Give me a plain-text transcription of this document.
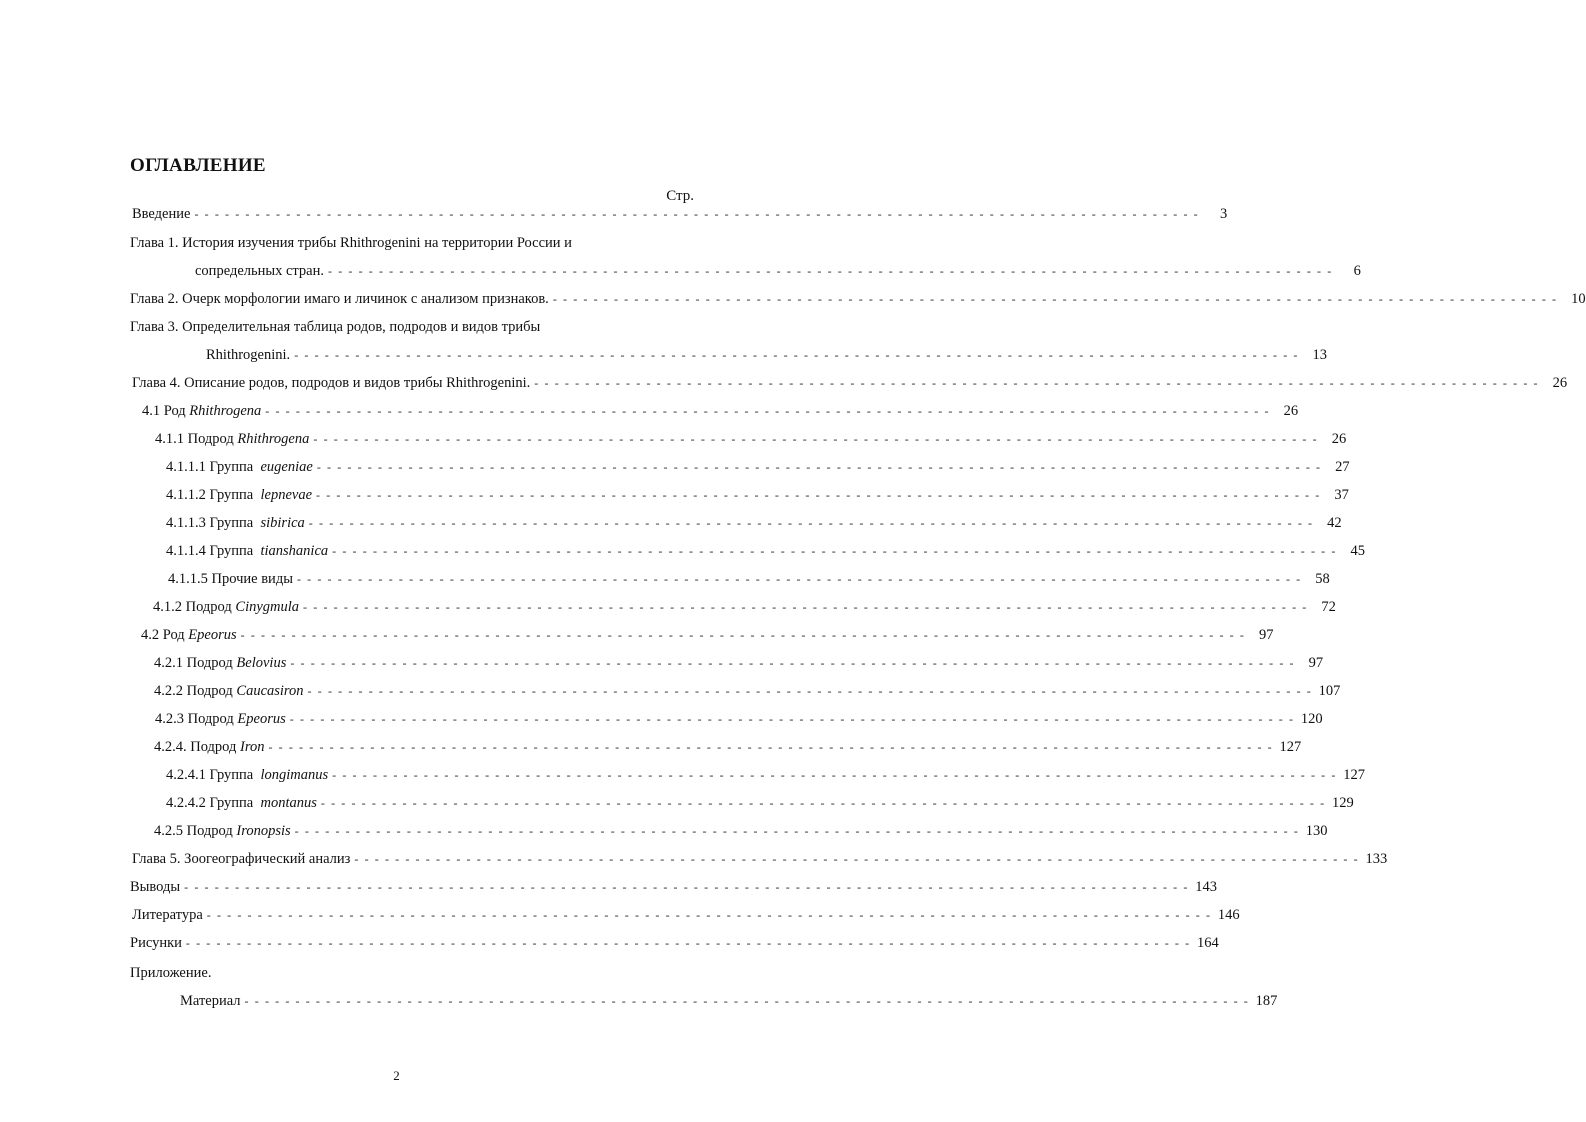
ОГЛАВЛЕНИЕ
Стр.
Введение - - - - - - - - - - - - - - - - - - - - - - - - - - - - - - - - - - - - - - - - - - - - - - - - - - - - - - - - - - - - - - - - - - - - - - - - - - - - - - - - - - - - - - - - - - - - - - - - - - -	3
Глава 1. История изучения трибы Rhithrogenini на территории России и
сопредельных стран. - - - - - - - - - - - - - - - - - - - - - - - - - - - - - - - - - - - - - - - - - - - - - - - - - - - - - - - - - - - - - - - - - - - - - - - - - - - - - - - - - - - - - - - - - - - - - - - - - - -	6
Глава 2. Очерк морфологии имаго и личинок с анализом признаков. - - - - - - - - - - - - - - - - - - - - - - - - - - - - - - - - - - - - - - - - - - - - - - - - - - - - - - - - - - - - - - - - - - - - - - - - - - - - - - - - - - - - - - - - - - - - - - - - - - - 10
Глава 3. Определительная таблица родов, подродов и видов трибы
Rhithrogenini. - - - - - - - - - - - - - - - - - - - - - - - - - - - - - - - - - - - - - - - - - - - - - - - - - - - - - - - - - - - - - - - - - - - - - - - - - - - - - - - - - - - - - - - - - - - - - - - - - - - 13
Глава 4. Описание родов, подродов и видов трибы Rhithrogenini. - - - - - - - - - - - - - - - - - - - - - - - - - - - - - - - - - - - - - - - - - - - - - - - - - - - - - - - - - - - - - - - - - - - - - - - - - - - - - - - - - - - - - - - - - - - - - - - - - - - 26
4.1 Род Rhithrogena - - - - - - - - - - - - - - - - - - - - - - - - - - - - - - - - - - - - - - - - - - - - - - - - - - - - - - - - - - - - - - - - - - - - - - - - - - - - - - - - - - - - - - - - - - - - - - - - - - - 26
4.1.1 Подрод Rhithrogena - - - - - - - - - - - - - - - - - - - - - - - - - - - - - - - - - - - - - - - - - - - - - - - - - - - - - - - - - - - - - - - - - - - - - - - - - - - - - - - - - - - - - - - - - - - - - - - - - - - 26
4.1.1.1 Группа eugeniae - - - - - - - - - - - - - - - - - - - - - - - - - - - - - - - - - - - - - - - - - - - - - - - - - - - - - - - - - - - - - - - - - - - - - - - - - - - - - - - - - - - - - - - - - - - - - - - - - - - 27
4.1.1.2 Группа lepnevae - - - - - - - - - - - - - - - - - - - - - - - - - - - - - - - - - - - - - - - - - - - - - - - - - - - - - - - - - - - - - - - - - - - - - - - - - - - - - - - - - - - - - - - - - - - - - - - - - - - 37
4.1.1.3 Группа sibirica - - - - - - - - - - - - - - - - - - - - - - - - - - - - - - - - - - - - - - - - - - - - - - - - - - - - - - - - - - - - - - - - - - - - - - - - - - - - - - - - - - - - - - - - - - - - - - - - - - - 42
4.1.1.4 Группа tianshanica - - - - - - - - - - - - - - - - - - - - - - - - - - - - - - - - - - - - - - - - - - - - - - - - - - - - - - - - - - - - - - - - - - - - - - - - - - - - - - - - - - - - - - - - - - - - - - - - - - - 45
4.1.1.5 Прочие виды - - - - - - - - - - - - - - - - - - - - - - - - - - - - - - - - - - - - - - - - - - - - - - - - - - - - - - - - - - - - - - - - - - - - - - - - - - - - - - - - - - - - - - - - - - - - - - - - - - - 58
4.1.2 Подрод Cinygmula - - - - - - - - - - - - - - - - - - - - - - - - - - - - - - - - - - - - - - - - - - - - - - - - - - - - - - - - - - - - - - - - - - - - - - - - - - - - - - - - - - - - - - - - - - - - - - - - - - - 72
4.2 Род Epeorus - - - - - - - - - - - - - - - - - - - - - - - - - - - - - - - - - - - - - - - - - - - - - - - - - - - - - - - - - - - - - - - - - - - - - - - - - - - - - - - - - - - - - - - - - - - - - - - - - - - 97
4.2.1 Подрод Belovius - - - - - - - - - - - - - - - - - - - - - - - - - - - - - - - - - - - - - - - - - - - - - - - - - - - - - - - - - - - - - - - - - - - - - - - - - - - - - - - - - - - - - - - - - - - - - - - - - - - 97
4.2.2 Подрод Caucasiron - - - - - - - - - - - - - - - - - - - - - - - - - - - - - - - - - - - - - - - - - - - - - - - - - - - - - - - - - - - - - - - - - - - - - - - - - - - - - - - - - - - - - - - - - - - - - - - - - - - 107
4.2.3 Подрод Epeorus - - - - - - - - - - - - - - - - - - - - - - - - - - - - - - - - - - - - - - - - - - - - - - - - - - - - - - - - - - - - - - - - - - - - - - - - - - - - - - - - - - - - - - - - - - - - - - - - - - - 120
4.2.4. Подрод Iron - - - - - - - - - - - - - - - - - - - - - - - - - - - - - - - - - - - - - - - - - - - - - - - - - - - - - - - - - - - - - - - - - - - - - - - - - - - - - - - - - - - - - - - - - - - - - - - - - - - 127
4.2.4.1 Группа longimanus - - - - - - - - - - - - - - - - - - - - - - - - - - - - - - - - - - - - - - - - - - - - - - - - - - - - - - - - - - - - - - - - - - - - - - - - - - - - - - - - - - - - - - - - - - - - - - - - - - - 127
4.2.4.2 Группа montanus - - - - - - - - - - - - - - - - - - - - - - - - - - - - - - - - - - - - - - - - - - - - - - - - - - - - - - - - - - - - - - - - - - - - - - - - - - - - - - - - - - - - - - - - - - - - - - - - - - - 129
4.2.5 Подрод Ironopsis - - - - - - - - - - - - - - - - - - - - - - - - - - - - - - - - - - - - - - - - - - - - - - - - - - - - - - - - - - - - - - - - - - - - - - - - - - - - - - - - - - - - - - - - - - - - - - - - - - - 130
Глава 5. Зоогеографический анализ - - - - - - - - - - - - - - - - - - - - - - - - - - - - - - - - - - - - - - - - - - - - - - - - - - - - - - - - - - - - - - - - - - - - - - - - - - - - - - - - - - - - - - - - - - - - - - - - - - - 133
Выводы - - - - - - - - - - - - - - - - - - - - - - - - - - - - - - - - - - - - - - - - - - - - - - - - - - - - - - - - - - - - - - - - - - - - - - - - - - - - - - - - - - - - - - - - - - - - - - - - - - - 143
Литература - - - - - - - - - - - - - - - - - - - - - - - - - - - - - - - - - - - - - - - - - - - - - - - - - - - - - - - - - - - - - - - - - - - - - - - - - - - - - - - - - - - - - - - - - - - - - - - - - - - 146
Рисунки - - - - - - - - - - - - - - - - - - - - - - - - - - - - - - - - - - - - - - - - - - - - - - - - - - - - - - - - - - - - - - - - - - - - - - - - - - - - - - - - - - - - - - - - - - - - - - - - - - - 164
Приложение.
Материал - - - - - - - - - - - - - - - - - - - - - - - - - - - - - - - - - - - - - - - - - - - - - - - - - - - - - - - - - - - - - - - - - - - - - - - - - - - - - - - - - - - - - - - - - - - - - - - - - - - 187
2
